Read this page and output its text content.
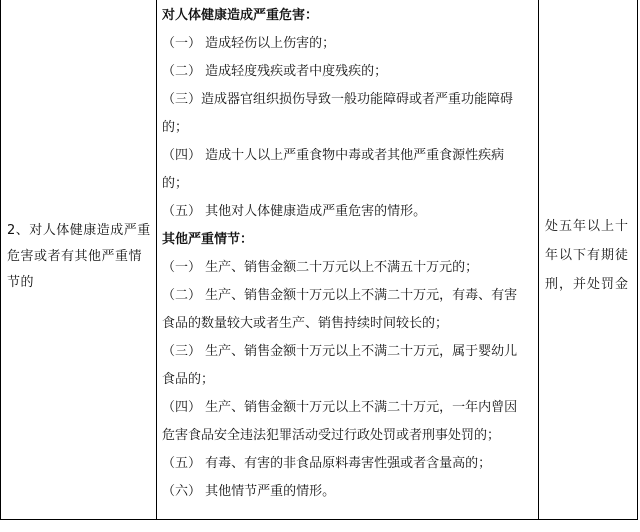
2、对人体健康造成严重
危害或者有其他严重情
节的
对人体健康造成严重危害：
（一） 造成轻伤以上伤害的；
（二） 造成轻度残疾或者中度残疾的；
（三）造成器官组织损伤导致一般功能障碍或者严重功能障碍
的；
（四） 造成十人以上严重食物中毒或者其他严重食源性疾病
的；
（五） 其他对人体健康造成严重危害的情形。
其他严重情节：
（一） 生产、销售金额二十万元以上不满五十万元的；
（二） 生产、销售金额十万元以上不满二十万元，有毒、有害
食品的数量较大或者生产、销售持续时间较长的；
（三） 生产、销售金额十万元以上不满二十万元，属于婴幼儿
食品的；
（四） 生产、销售金额十万元以上不满二十万元，一年内曾因
危害食品安全违法犯罪活动受过行政处罚或者刑事处罚的；
（五） 有毒、有害的非食品原料毒害性强或者含量高的；
（六） 其他情节严重的情形。
处五年以上十
年以下有期徒
刑，并处罚金
